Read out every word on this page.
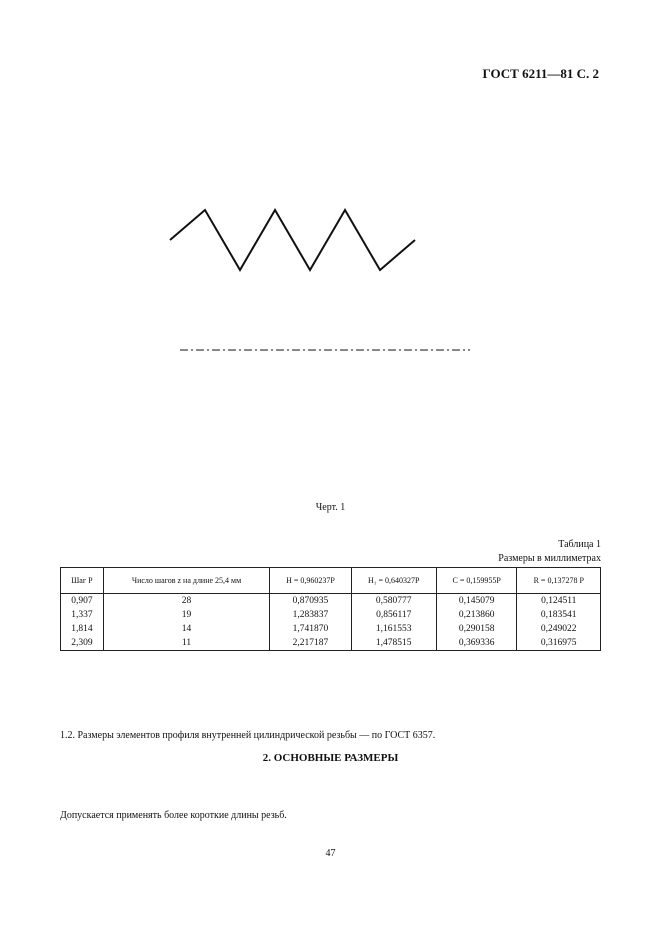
ГОСТ 6211—81 С. 2
Черт. 1
Таблица 1
Размеры в миллиметрах
Шаг P	Число шагов z на длине 25,4 мм	H = 0,960237P	H₁ = 0,640327P	C = 0,159955P	R = 0,137278 P
0,907	28	0,870935	0,580777	0,145079	0,124511
1,337	19	1,283837	0,856117	0,213860	0,183541
1,814	14	1,741870	1,161553	0,290158	0,249022
2,309	11	2,217187	1,478515	0,369336	0,316975
1.2. Размеры элементов профиля внутренней цилиндрической резьбы — по ГОСТ 6357.
2. ОСНОВНЫЕ РАЗМЕРЫ
Допускается применять более короткие длины резьб.
47
